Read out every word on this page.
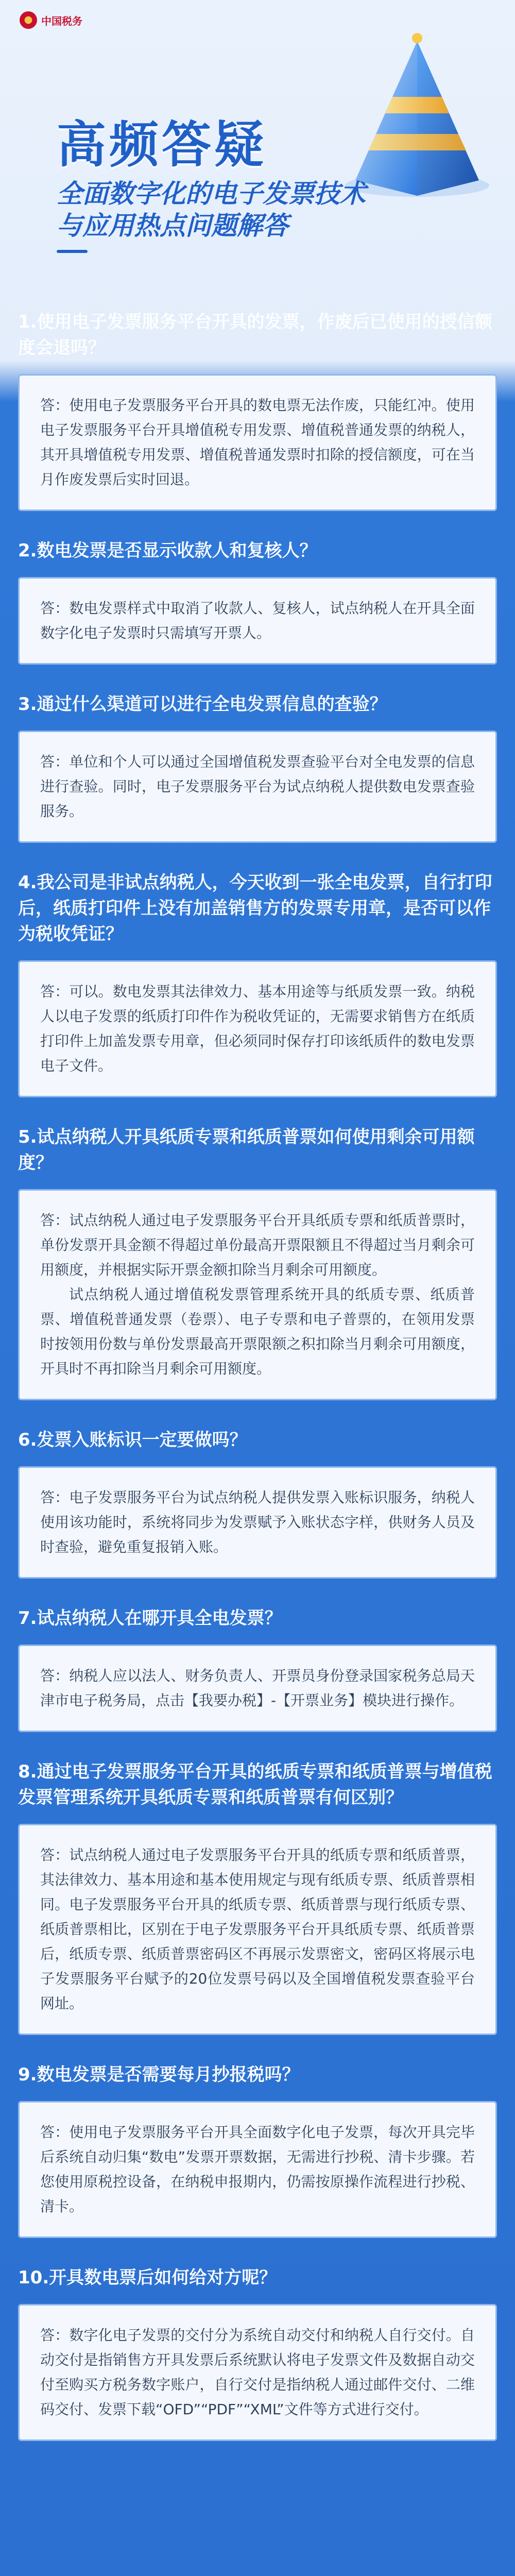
中国税务
高频答疑

全面数字化的电子发票技术与应用热点问题解答

1.使用电子发票服务平台开具的发票，作废后已使用的授信额度会退吗？

答：使用电子发票服务平台开具的数电票无法作废，只能红冲。使用电子发票服务平台开具增值税专用发票、增值税普通发票的纳税人，其开具增值税专用发票、增值税普通发票时扣除的授信额度，可在当月作废发票后实时回退。

2.数电发票是否显示收款人和复核人？

答：数电发票样式中取消了收款人、复核人，试点纳税人在开具全面数字化电子发票时只需填写开票人。

3.通过什么渠道可以进行全电发票信息的查验？

答：单位和个人可以通过全国增值税发票查验平台对全电发票的信息进行查验。同时，电子发票服务平台为试点纳税人提供数电发票查验服务。

4.我公司是非试点纳税人，今天收到一张全电发票，自行打印后，纸质打印件上没有加盖销售方的发票专用章，是否可以作为税收凭证？

答：可以。数电发票其法律效力、基本用途等与纸质发票一致。纳税人以电子发票的纸质打印件作为税收凭证的，无需要求销售方在纸质打印件上加盖发票专用章，但必须同时保存打印该纸质件的数电发票电子文件。

5.试点纳税人开具纸质专票和纸质普票如何使用剩余可用额度？

答：试点纳税人通过电子发票服务平台开具纸质专票和纸质普票时，单份发票开具金额不得超过单份最高开票限额且不得超过当月剩余可用额度，并根据实际开票金额扣除当月剩余可用额度。

试点纳税人通过增值税发票管理系统开具的纸质专票、纸质普票、增值税普通发票（卷票）、电子专票和电子普票的，在领用发票时按领用份数与单份发票最高开票限额之积扣除当月剩余可用额度，开具时不再扣除当月剩余可用额度。

6.发票入账标识一定要做吗？

答：电子发票服务平台为试点纳税人提供发票入账标识服务，纳税人使用该功能时，系统将同步为发票赋予入账状态字样，供财务人员及时查验，避免重复报销入账。

7.试点纳税人在哪开具全电发票？

答：纳税人应以法人、财务负责人、开票员身份登录国家税务总局天津市电子税务局，点击【我要办税】-【开票业务】模块进行操作。

8.通过电子发票服务平台开具的纸质专票和纸质普票与增值税发票管理系统开具纸质专票和纸质普票有何区别？

答：试点纳税人通过电子发票服务平台开具的纸质专票和纸质普票，其法律效力、基本用途和基本使用规定与现有纸质专票、纸质普票相同。电子发票服务平台开具的纸质专票、纸质普票与现行纸质专票、纸质普票相比，区别在于电子发票服务平台开具纸质专票、纸质普票后，纸质专票、纸质普票密码区不再展示发票密文，密码区将展示电子发票服务平台赋予的20位发票号码以及全国增值税发票查验平台网址。

9.数电发票是否需要每月抄报税吗？

答：使用电子发票服务平台开具全面数字化电子发票，每次开具完毕后系统自动归集“数电”发票开票数据，无需进行抄税、清卡步骤。若您使用原税控设备，在纳税申报期内，仍需按原操作流程进行抄税、清卡。

10.开具数电票后如何给对方呢？

答：数字化电子发票的交付分为系统自动交付和纳税人自行交付。自动交付是指销售方开具发票后系统默认将电子发票文件及数据自动交付至购买方税务数字账户，自行交付是指纳税人通过邮件交付、二维码交付、发票下载“OFD”“PDF”“XML”文件等方式进行交付。
